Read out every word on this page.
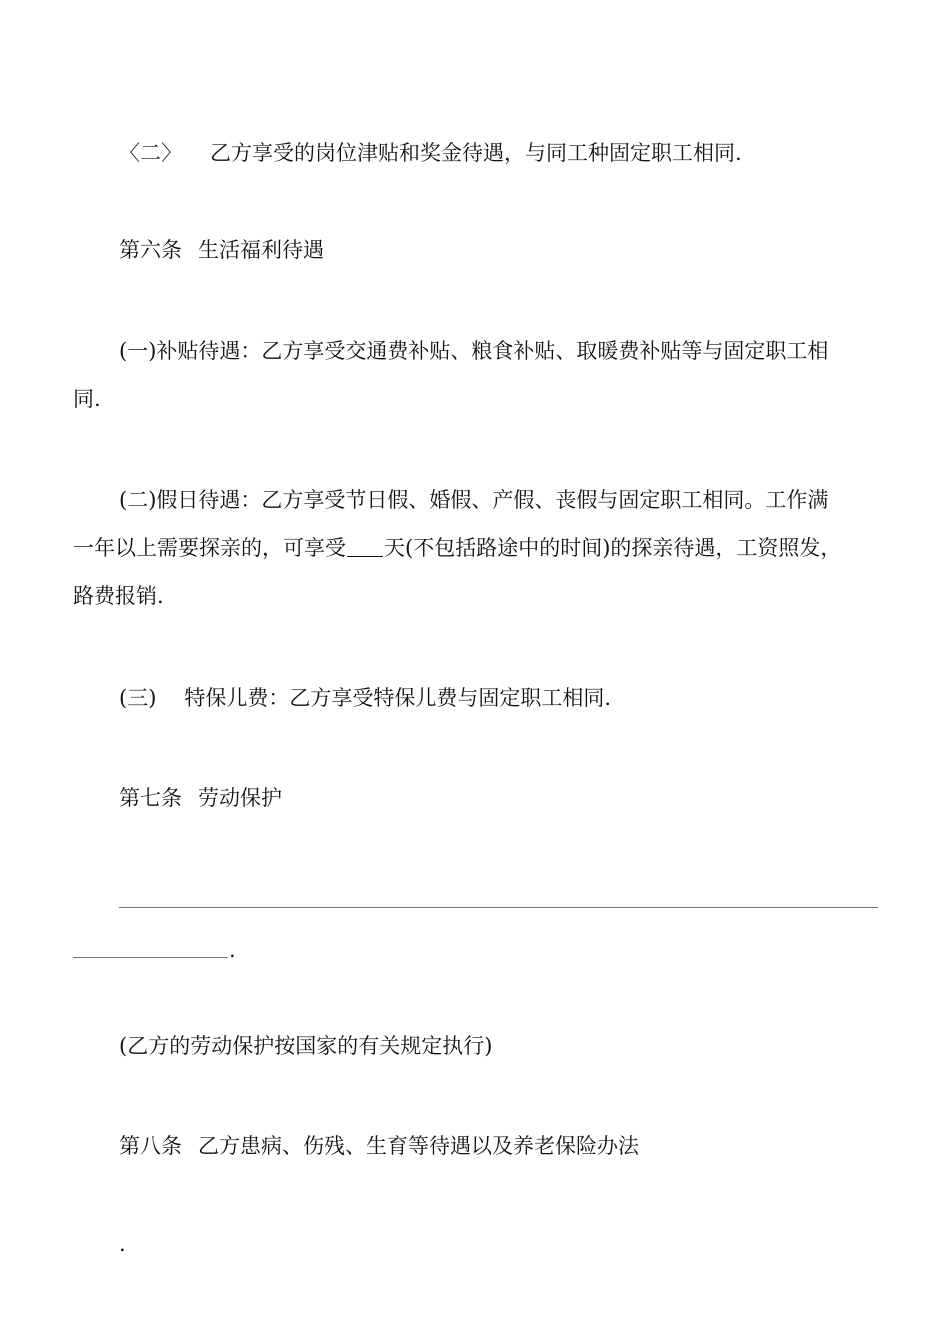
〈二〉 乙方享受的岗位津贴和奖金待遇，与同工种固定职工相同.
第六条 生活福利待遇
(一)补贴待遇：乙方享受交通费补贴、粮食补贴、取暖费补贴等与固定职工相
同.
(二)假日待遇：乙方享受节日假、婚假、产假、丧假与固定职工相同。工作满
一年以上需要探亲的，可享受 天(不包括路途中的时间)的探亲待遇，工资照发，
路费报销.
(三) 特保儿费：乙方享受特保儿费与固定职工相同.
第七条 劳动保护
.
(乙方的劳动保护按国家的有关规定执行)
第八条 乙方患病、伤残、生育等待遇以及养老保险办法
.
